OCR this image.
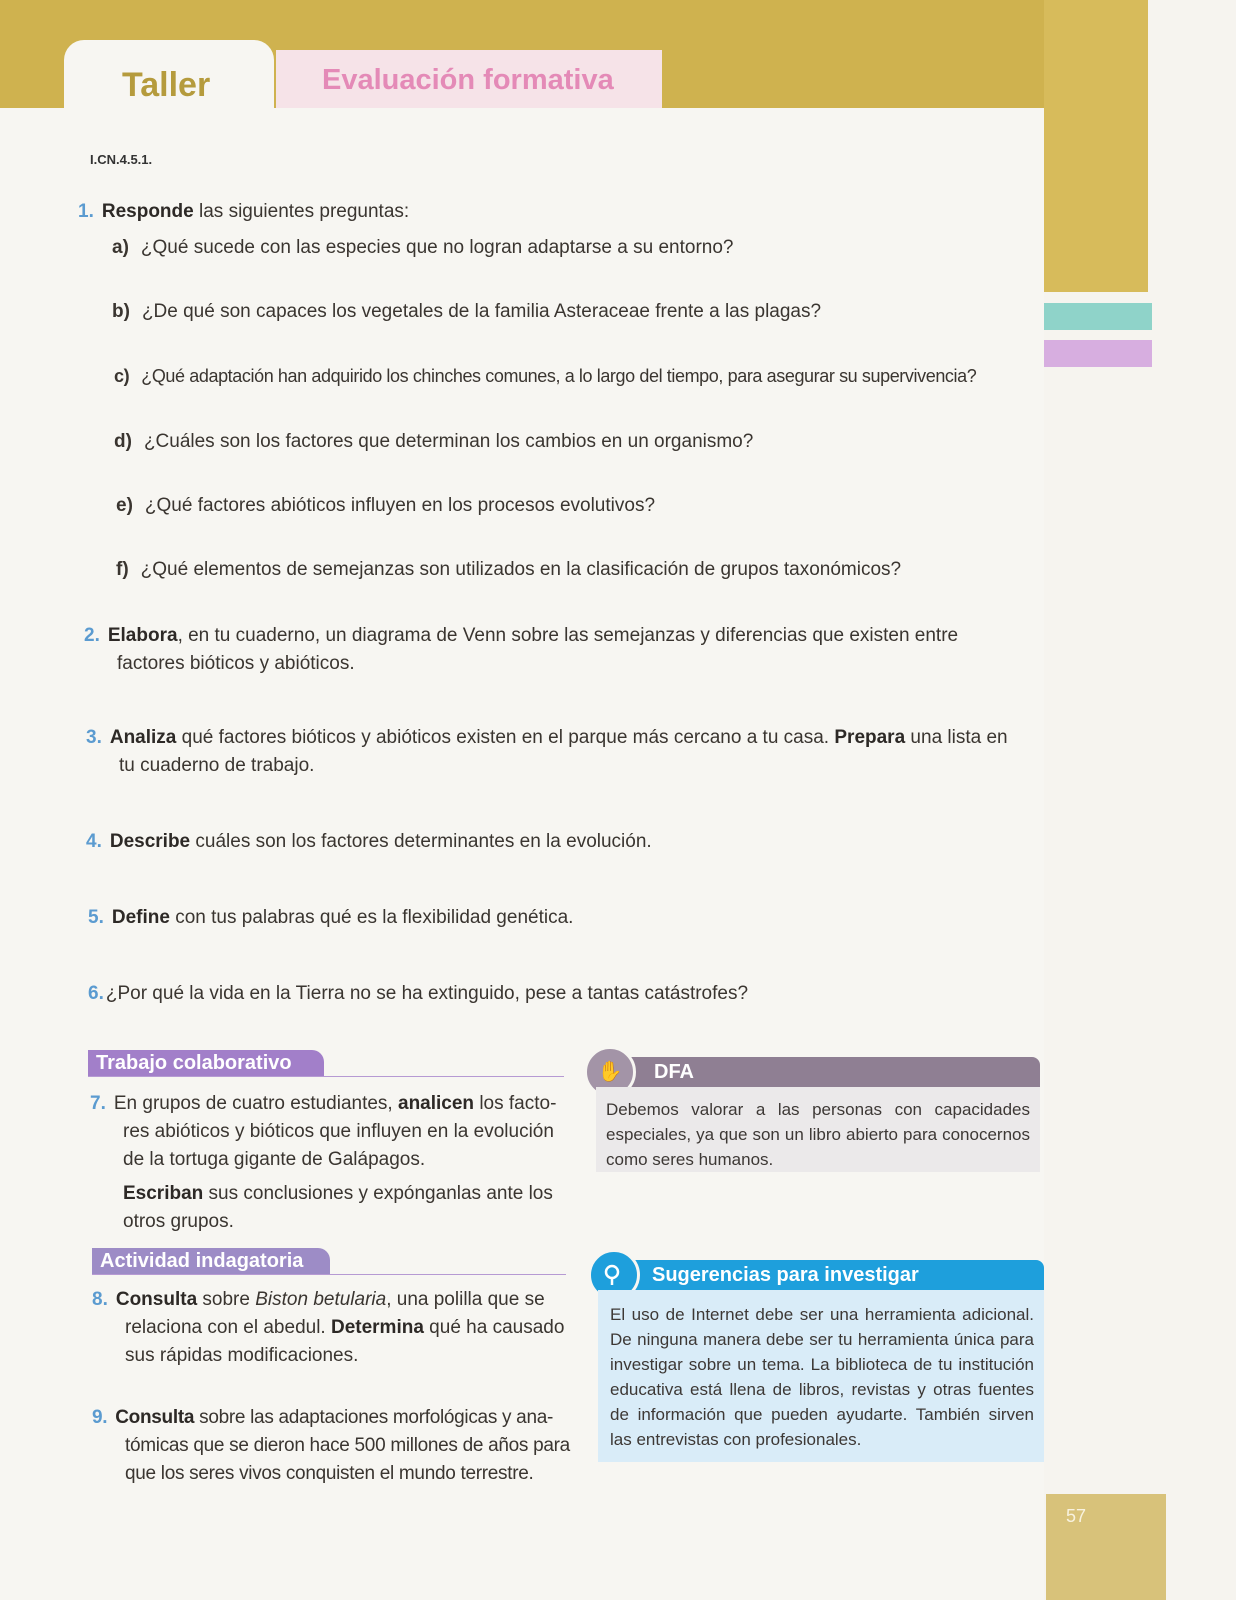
57
Evaluación formativa
Taller
I.CN.4.5.1.
1. Responde las siguientes preguntas:
a) ¿Qué sucede con las especies que no logran adaptarse a su entorno?
b) ¿De qué son capaces los vegetales de la familia Asteraceae frente a las plagas?
c) ¿Qué adaptación han adquirido los chinches comunes, a lo largo del tiempo, para asegurar su supervivencia?
d) ¿Cuáles son los factores que determinan los cambios en un organismo?
e) ¿Qué factores abióticos influyen en los procesos evolutivos?
f) ¿Qué elementos de semejanzas son utilizados en la clasificación de grupos taxonómicos?
2. Elabora, en tu cuaderno, un diagrama de Venn sobre las semejanzas y diferencias que existen entre
factores bióticos y abióticos.
3. Analiza qué factores bióticos y abióticos existen en el parque más cercano a tu casa. Prepara una lista en
tu cuaderno de trabajo.
4. Describe cuáles son los factores determinantes en la evolución.
5. Define con tus palabras qué es la flexibilidad genética.
6. ¿Por qué la vida en la Tierra no se ha extinguido, pese a tantas catástrofes?
Trabajo colaborativo
7. En grupos de cuatro estudiantes, analicen los facto-
res abióticos y bióticos que influyen en la evolución
de la tortuga gigante de Galápagos.
Escriban sus conclusiones y expónganlas ante los
otros grupos.
Actividad indagatoria
8. Consulta sobre Biston betularia, una polilla que se
relaciona con el abedul. Determina qué ha causado
sus rápidas modificaciones.
9. Consulta sobre las adaptaciones morfológicas y ana-
tómicas que se dieron hace 500 millones de años para
que los seres vivos conquisten el mundo terrestre.
DFA
✋
Debemos valorar a las personas con capacidades especiales, ya que son un libro abierto para conocernos como seres humanos.
Sugerencias para investigar
El uso de Internet debe ser una herramienta adicional. De ninguna manera debe ser tu herramienta única para investigar sobre un tema. La biblioteca de tu institución educativa está llena de libros, revistas y otras fuentes de información que pueden ayudarte. También sirven las entrevistas con profesionales.
